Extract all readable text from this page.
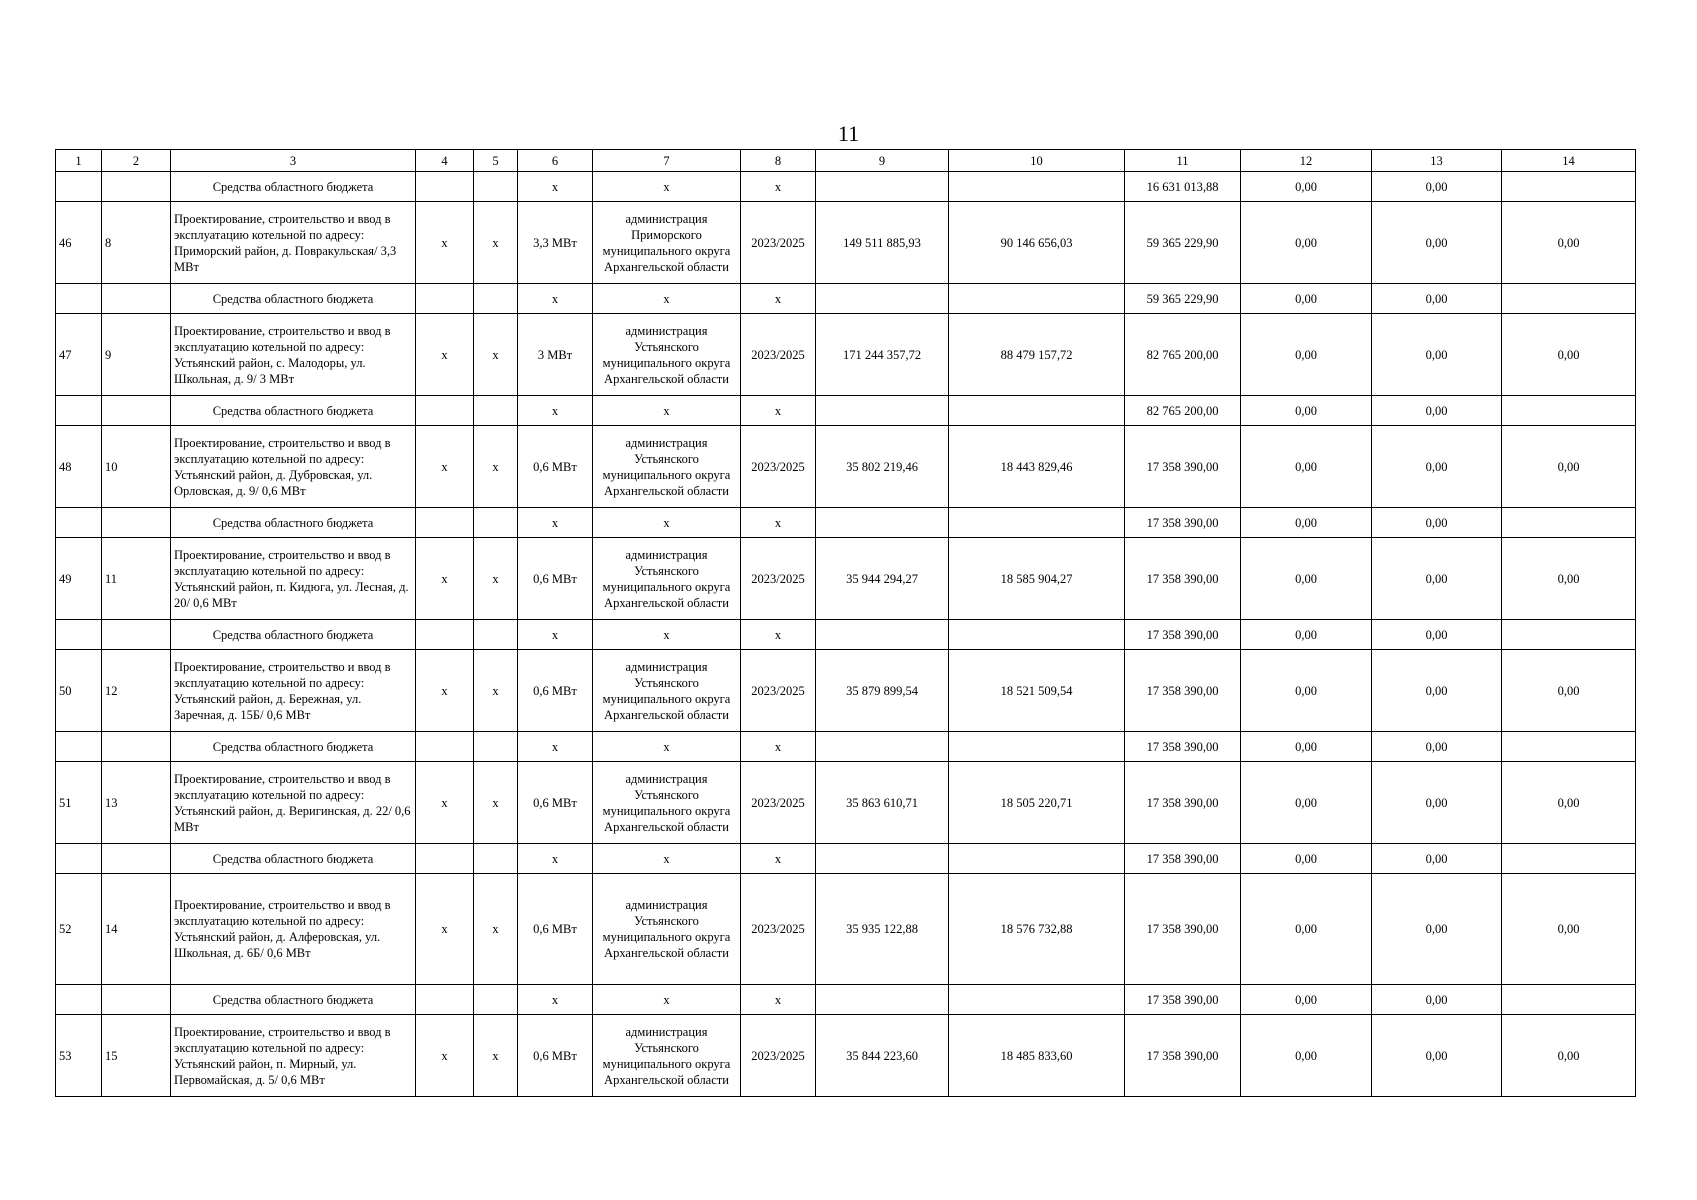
11
1	2	3	4	5	6	7	8	9	10	11	12	13	14
		Средства областного бюджета			x	x	x			16 631 013,88	0,00	0,00	
46	8	Проектирование, строительство и ввод в эксплуатацию котельной по адресу: Приморский район, д. Повракульская/ 3,3 МВт	x	x	3,3 МВт	администрация Приморского муниципального округа Архангельской области	2023/2025	149 511 885,93	90 146 656,03	59 365 229,90	0,00	0,00	0,00
		Средства областного бюджета			x	x	x			59 365 229,90	0,00	0,00	
47	9	Проектирование, строительство и ввод в эксплуатацию котельной по адресу: Устьянский район, с. Малодоры, ул. Школьная, д. 9/ 3 МВт	x	x	3 МВт	администрация Устьянского муниципального округа Архангельской области	2023/2025	171 244 357,72	88 479 157,72	82 765 200,00	0,00	0,00	0,00
		Средства областного бюджета			x	x	x			82 765 200,00	0,00	0,00	
48	10	Проектирование, строительство и ввод в эксплуатацию котельной по адресу: Устьянский район, д. Дубровская, ул. Орловская, д. 9/ 0,6 МВт	x	x	0,6 МВт	администрация Устьянского муниципального округа Архангельской области	2023/2025	35 802 219,46	18 443 829,46	17 358 390,00	0,00	0,00	0,00
		Средства областного бюджета			x	x	x			17 358 390,00	0,00	0,00	
49	11	Проектирование, строительство и ввод в эксплуатацию котельной по адресу: Устьянский район, п. Кидюга, ул. Лесная, д. 20/ 0,6 МВт	x	x	0,6 МВт	администрация Устьянского муниципального округа Архангельской области	2023/2025	35 944 294,27	18 585 904,27	17 358 390,00	0,00	0,00	0,00
		Средства областного бюджета			x	x	x			17 358 390,00	0,00	0,00	
50	12	Проектирование, строительство и ввод в эксплуатацию котельной по адресу: Устьянский район, д. Бережная, ул. Заречная, д. 15Б/ 0,6 МВт	x	x	0,6 МВт	администрация Устьянского муниципального округа Архангельской области	2023/2025	35 879 899,54	18 521 509,54	17 358 390,00	0,00	0,00	0,00
		Средства областного бюджета			x	x	x			17 358 390,00	0,00	0,00	
51	13	Проектирование, строительство и ввод в эксплуатацию котельной по адресу: Устьянский район, д. Веригинская, д. 22/ 0,6 МВт	x	x	0,6 МВт	администрация Устьянского муниципального округа Архангельской области	2023/2025	35 863 610,71	18 505 220,71	17 358 390,00	0,00	0,00	0,00
		Средства областного бюджета			x	x	x			17 358 390,00	0,00	0,00	
52	14	Проектирование, строительство и ввод в эксплуатацию котельной по адресу: Устьянский район, д. Алферовская, ул. Школьная, д. 6Б/ 0,6 МВт	x	x	0,6 МВт	администрация Устьянского муниципального округа Архангельской области	2023/2025	35 935 122,88	18 576 732,88	17 358 390,00	0,00	0,00	0,00
		Средства областного бюджета			x	x	x			17 358 390,00	0,00	0,00	
53	15	Проектирование, строительство и ввод в эксплуатацию котельной по адресу: Устьянский район, п. Мирный, ул. Первомайская, д. 5/ 0,6 МВт	x	x	0,6 МВт	администрация Устьянского муниципального округа Архангельской области	2023/2025	35 844 223,60	18 485 833,60	17 358 390,00	0,00	0,00	0,00
